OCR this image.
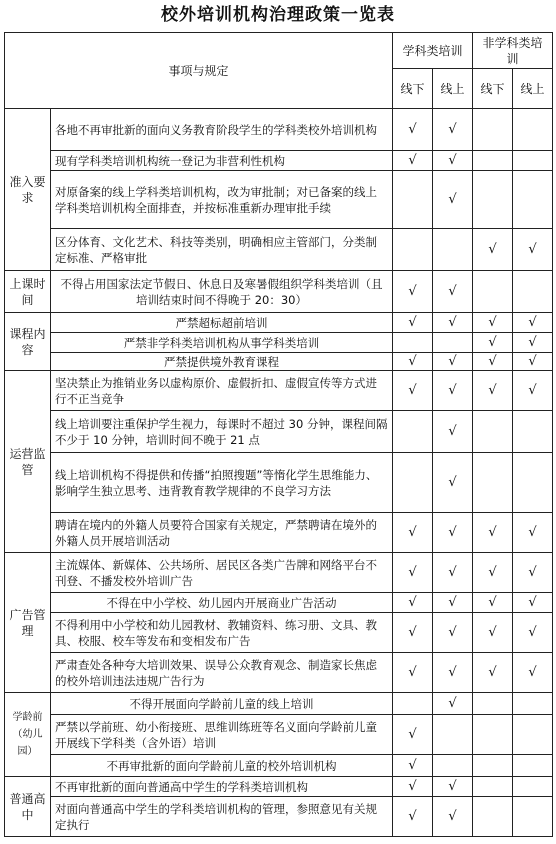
校外培训机构治理政策一览表
事项与规定		学科类培训		非学科类培训	
		线下	线上	线下	线上
准入要求	各地不再审批新的面向义务教育阶段学生的学科类校外培训机构	√	√		
	现有学科类培训机构统一登记为非营利性机构	√	√		
	对原备案的线上学科类培训机构，改为审批制；对已备案的线上学科类培训机构全面排查，并按标准重新办理审批手续		√		
	区分体育、文化艺术、科技等类别，明确相应主管部门，分类制定标准、严格审批			√	√
上课时间	不得占用国家法定节假日、休息日及寒暑假组织学科类培训（且培训结束时间不得晚于 20：30）	√	√		
课程内容	严禁超标超前培训	√	√	√	√
	严禁非学科类培训机构从事学科类培训			√	√
	严禁提供境外教育课程	√	√	√	√
运营监管	坚决禁止为推销业务以虚构原价、虚假折扣、虚假宣传等方式进行不正当竞争	√	√	√	√
	线上培训要注重保护学生视力，每课时不超过 30 分钟，课程间隔不少于 10 分钟，培训时间不晚于 21 点		√		
	线上培训机构不得提供和传播“拍照搜题”等惰化学生思维能力、影响学生独立思考、违背教育教学规律的不良学习方法		√		
	聘请在境内的外籍人员要符合国家有关规定，严禁聘请在境外的外籍人员开展培训活动	√	√	√	√
广告管理	主流媒体、新媒体、公共场所、居民区各类广告牌和网络平台不刊登、不播发校外培训广告	√	√	√	√
	不得在中小学校、幼儿园内开展商业广告活动	√	√	√	√
	不得利用中小学校和幼儿园教材、教辅资料、练习册、文具、教具、校服、校车等发布和变相发布广告	√	√	√	√
	严肃查处各种夸大培训效果、误导公众教育观念、制造家长焦虑的校外培训违法违规广告行为	√	√	√	√
学龄前（幼儿园）	不得开展面向学龄前儿童的线上培训		√		
	严禁以学前班、幼小衔接班、思维训练班等名义面向学龄前儿童开展线下学科类（含外语）培训	√			
	不再审批新的面向学龄前儿童的校外培训机构	√			
普通高中	不再审批新的面向普通高中学生的学科类培训机构	√	√		
	对面向普通高中学生的学科类培训机构的管理，参照意见有关规定执行	√	√		
